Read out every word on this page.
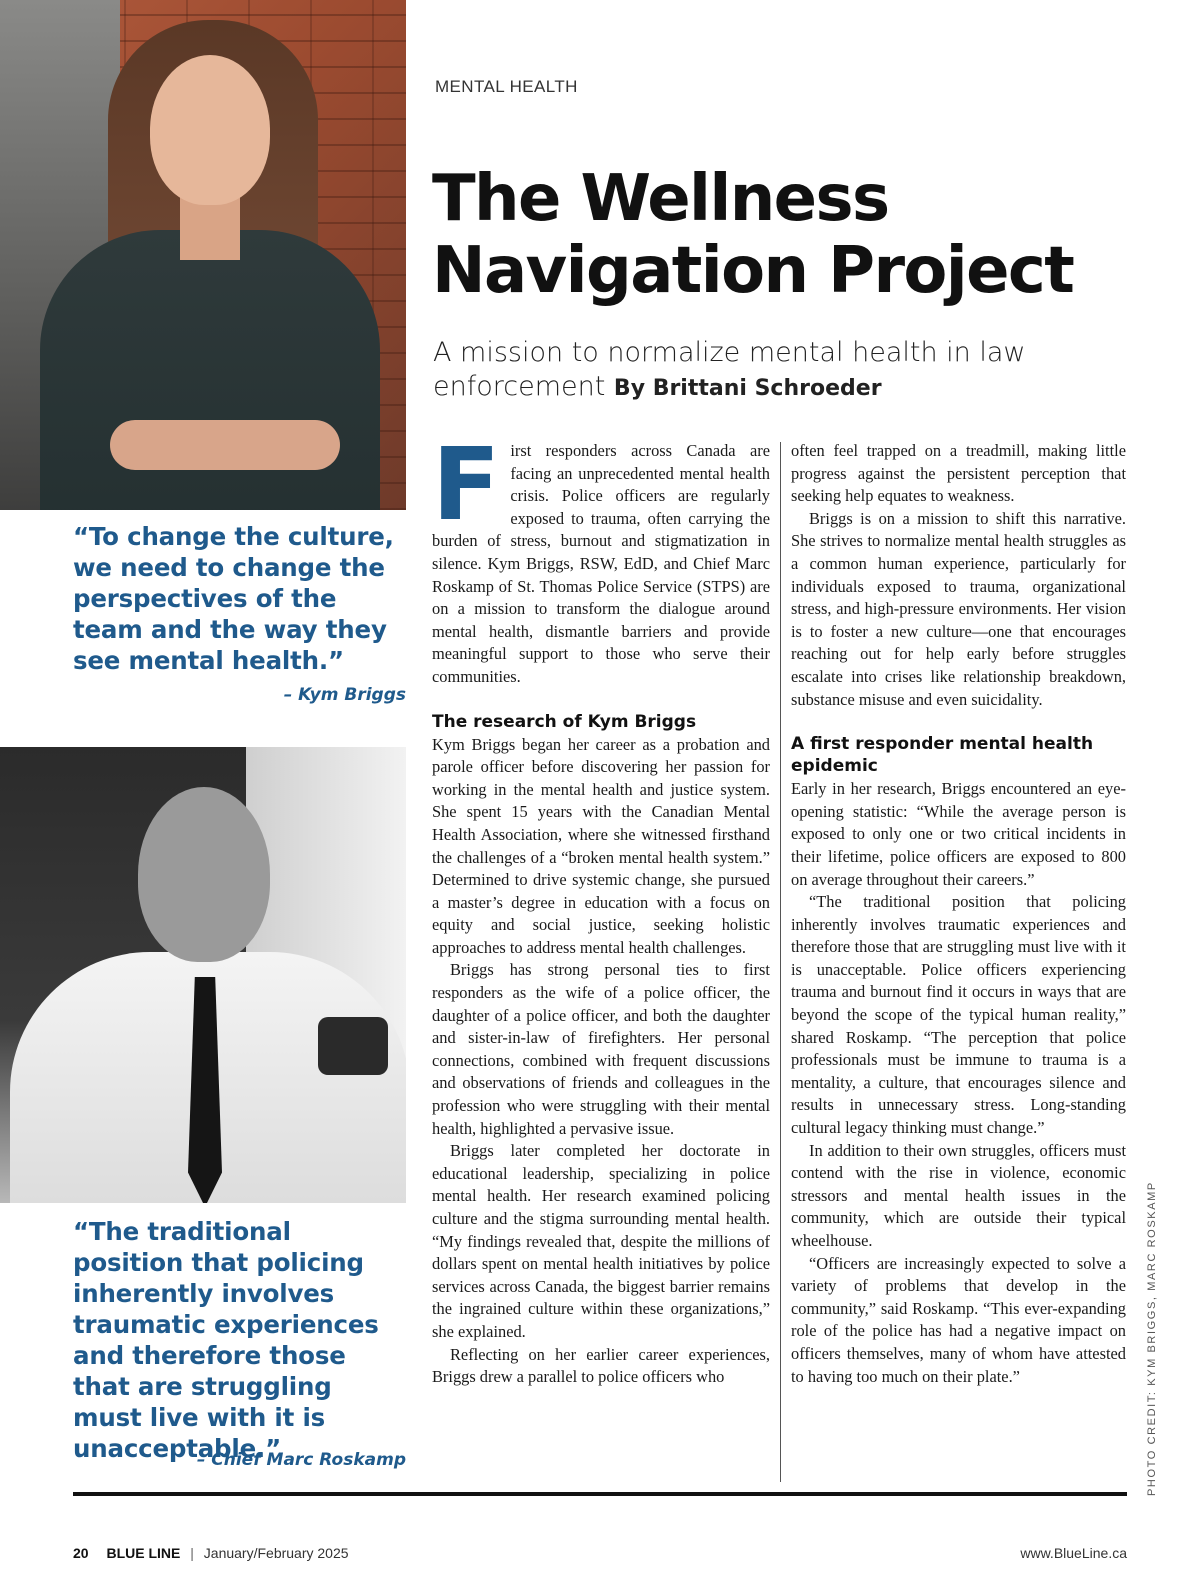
“To change the culture, we need to change the perspectives of the team and the way they see mental health.”
– Kym Briggs
“The traditional position that policing inherently involves traumatic experiences and therefore those that are struggling must live with it is unacceptable.”
– Chief Marc Roskamp
MENTAL HEALTH
The Wellness Navigation Project
A mission to normalize mental health in law enforcement By Brittani Schroeder

First responders across Canada are facing an unprecedented mental health crisis. Police officers are regularly exposed to trauma, often carrying the burden of stress, burnout and stigmatization in silence. Kym Briggs, RSW, EdD, and Chief Marc Roskamp of St. Thomas Police Service (STPS) are on a mission to transform the dialogue around mental health, dismantle barriers and provide meaningful support to those who serve their communities.

The research of Kym Briggs

Kym Briggs began her career as a probation and parole officer before discovering her passion for working in the mental health and justice system. She spent 15 years with the Canadian Mental Health Association, where she witnessed firsthand the challenges of a “broken mental health system.” Determined to drive systemic change, she pursued a master’s degree in education with a focus on equity and social justice, seeking holistic approaches to address mental health challenges.

Briggs has strong personal ties to first responders as the wife of a police officer, the daughter of a police officer, and both the daughter and sister-in-law of firefighters. Her personal connections, combined with frequent discussions and observations of friends and colleagues in the profession who were struggling with their mental health, highlighted a pervasive issue.

Briggs later completed her doctorate in educational leadership, specializing in police mental health. Her research examined policing culture and the stigma surrounding mental health. “My findings revealed that, despite the millions of dollars spent on mental health initiatives by police services across Canada, the biggest barrier remains the ingrained culture within these organizations,” she explained.

Reflecting on her earlier career experiences, Briggs drew a parallel to police officers who

often feel trapped on a treadmill, making little progress against the persistent perception that seeking help equates to weakness.

Briggs is on a mission to shift this narrative. She strives to normalize mental health struggles as a common human experience, particularly for individuals exposed to trauma, organizational stress, and high-pressure environments. Her vision is to foster a new culture—one that encourages reaching out for help early before struggles escalate into crises like relationship breakdown, substance misuse and even suicidality.

A first responder mental health epidemic

Early in her research, Briggs encountered an eye-opening statistic: “While the average person is exposed to only one or two critical incidents in their lifetime, police officers are exposed to 800 on average throughout their careers.”

“The traditional position that policing inherently involves traumatic experiences and therefore those that are struggling must live with it is unacceptable. Police officers experiencing trauma and burnout find it occurs in ways that are beyond the scope of the typical human reality,” shared Roskamp. “The perception that police professionals must be immune to trauma is a mentality, a culture, that encourages silence and results in unnecessary stress. Long-standing cultural legacy thinking must change.”

In addition to their own struggles, officers must contend with the rise in violence, economic stressors and mental health issues in the community, which are outside their typical wheelhouse.

“Officers are increasingly expected to solve a variety of problems that develop in the community,” said Roskamp. “This ever-expanding role of the police has had a negative impact on officers themselves, many of whom have attested to having too much on their plate.”	PHOTO CREDIT: KYM BRIGGS, MARC ROSKAMP
20 BLUE LINE | January/February 2025	www.BlueLine.ca
